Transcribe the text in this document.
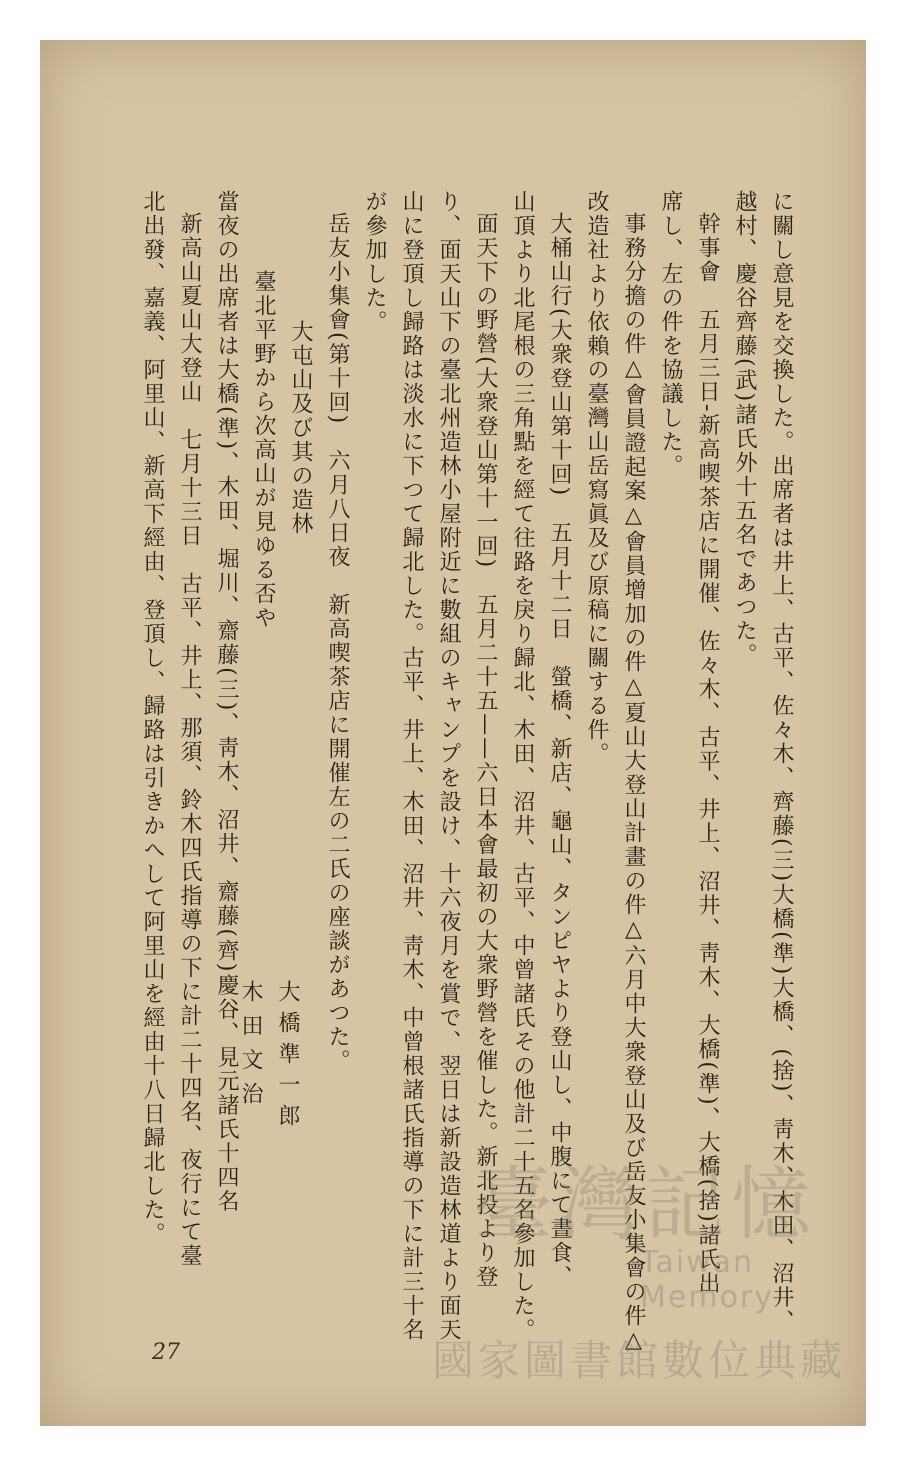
に關し意見を交換した。出席者は井上、古平、佐々木、齊藤(三)大橋(準)大橋、(捨)、靑木、木田、沼井、

越村、慶谷齊藤(武)諸氏外十五名であつた。

幹事會　五月三日‐新高喫茶店に開催、佐々木、古平、井上、沼井、靑木、大橋(準)、大橋(捨)諸氏出

席し、左の件を協議した。

事務分擔の件△會員證起案△會員增加の件△夏山大登山計畫の件△六月中大衆登山及び岳友小集會の件△

改造社より依賴の臺灣山岳寫眞及び原稿に關する件。

大桶山行(大衆登山第十回)　五月十二日　螢橋、新店、龜山、タンピヤより登山し、中腹にて晝食、

山頂より北尾根の三角點を經て往路を戾り歸北、木田、沼井、古平、中曾諸氏その他計二十五名參加した。

面天下の野營(大衆登山第十一回)　五月二十五——六日本會最初の大衆野營を催した。新北投より登

り、面天山下の臺北州造林小屋附近に數組のキャンプを設け、十六夜月を賞で、翌日は新設造林道より面天

山に登頂し歸路は淡水に下つて歸北した。古平、井上、木田、沼井、靑木、中曾根諸氏指導の下に計三十名

が參加した。

岳友小集會(第十回)　六月八日夜　新高喫茶店に開催左の二氏の座談があつた。

大屯山及び其の造林

臺北平野から次高山が見ゆる否や

當夜の出席者は大橋(準)、木田、堀川、齋藤(三)、靑木、沼井、齋藤(齊)慶谷、見元諸氏十四名

新高山夏山大登山　七月十三日　古平、井上、那須、鈴木四氏指導の下に計二十四名、夜行にて臺

北出發、嘉義、阿里山、新高下經由、登頂し、歸路は引きかへして阿里山を經由十八日歸北した。	大橋準一郎
木田文治
27
臺灣記憶
Taiwan Memory
國家圖書館數位典藏
